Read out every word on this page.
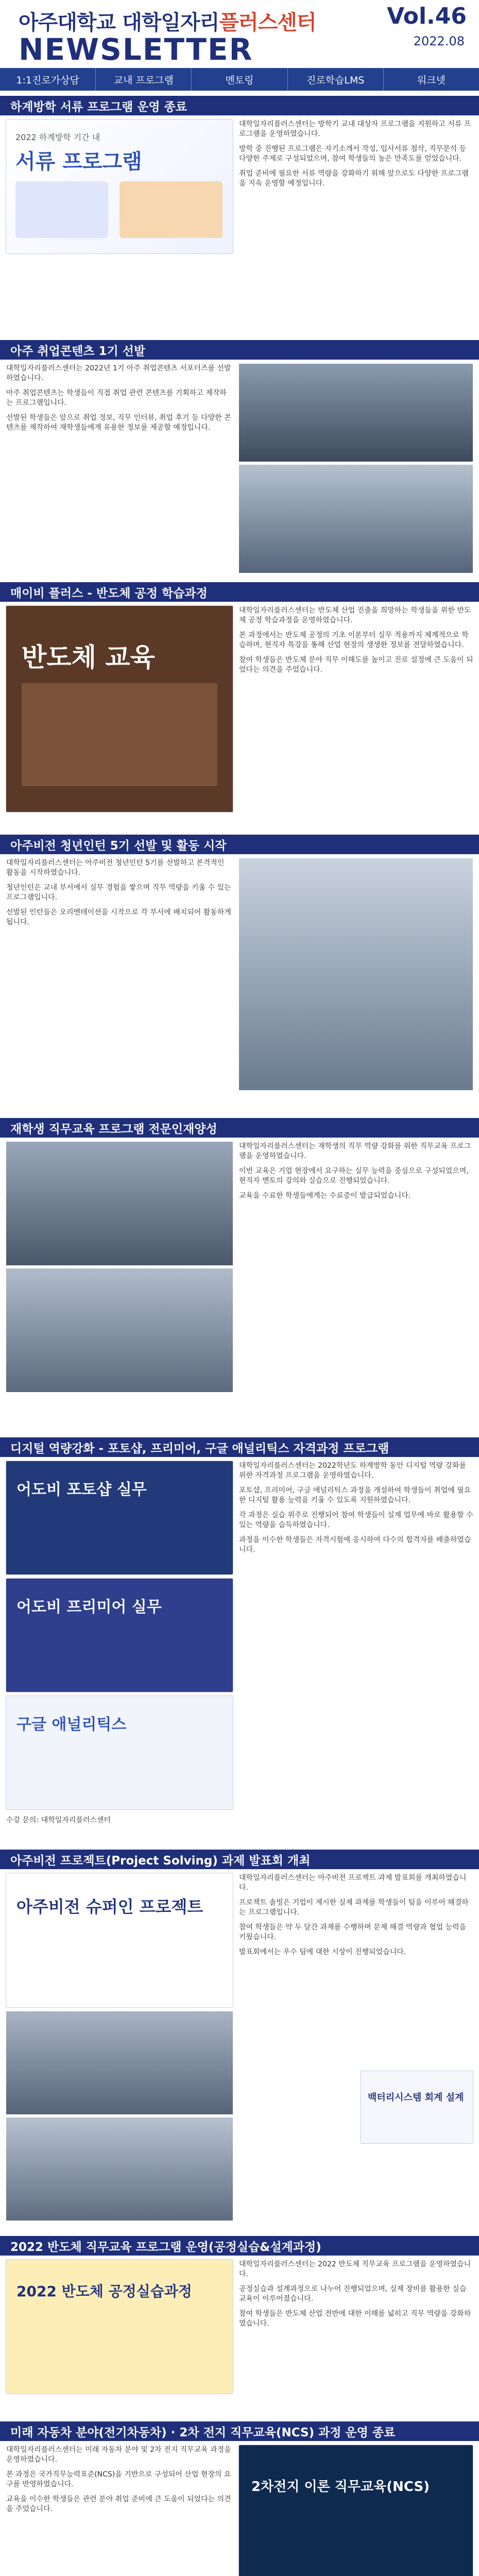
아주대학교 대학일자리플러스센터
NEWSLETTER
Vol.46
2022.08
1:1진로가상담	교내 프로그램	멘토링	진로학습LMS	워크넷
하계방학 서류 프로그램 운영 종료
2022 하계방학 기간 내
서류 프로그램

대학일자리플러스센터는 방학기 교내 대상자 프로그램을 지원하고 서류 프로그램을 운영하였습니다.

방학 중 진행된 프로그램은 자기소개서 작성, 입사서류 첨삭, 직무분석 등 다양한 주제로 구성되었으며, 참여 학생들의 높은 만족도를 얻었습니다.

취업 준비에 필요한 서류 역량을 강화하기 위해 앞으로도 다양한 프로그램을 지속 운영할 예정입니다.

아주 취업콘텐츠 1기 선발

대학일자리플러스센터는 2022년 1기 아주 취업콘텐츠 서포터즈를 선발하였습니다.

아주 취업콘텐츠는 학생들이 직접 취업 관련 콘텐츠를 기획하고 제작하는 프로그램입니다.

선발된 학생들은 앞으로 취업 정보, 직무 인터뷰, 취업 후기 등 다양한 콘텐츠를 제작하여 재학생들에게 유용한 정보를 제공할 예정입니다.

매이비 플러스 - 반도체 공정 학습과정
반도체 교육

대학일자리플러스센터는 반도체 산업 진출을 희망하는 학생들을 위한 반도체 공정 학습과정을 운영하였습니다.

본 과정에서는 반도체 공정의 기초 이론부터 실무 적용까지 체계적으로 학습하며, 현직자 특강을 통해 산업 현장의 생생한 정보를 전달하였습니다.

참여 학생들은 반도체 분야 직무 이해도를 높이고 진로 설정에 큰 도움이 되었다는 의견을 주었습니다.

아주비전 청년인턴 5기 선발 및 활동 시작

대학일자리플러스센터는 아주비전 청년인턴 5기를 선발하고 본격적인 활동을 시작하였습니다.

청년인턴은 교내 부서에서 실무 경험을 쌓으며 직무 역량을 키울 수 있는 프로그램입니다.

선발된 인턴들은 오리엔테이션을 시작으로 각 부서에 배치되어 활동하게 됩니다.

재학생 직무교육 프로그램 전문인재양성

대학일자리플러스센터는 재학생의 직무 역량 강화를 위한 직무교육 프로그램을 운영하였습니다.

이번 교육은 기업 현장에서 요구하는 실무 능력을 중심으로 구성되었으며, 현직자 멘토의 강의와 실습으로 진행되었습니다.

교육을 수료한 학생들에게는 수료증이 발급되었습니다.

디지털 역량강화 - 포토샵, 프리미어, 구글 애널리틱스 자격과정 프로그램
어도비 포토샵 실무
어도비 프리미어 실무
구글 애널리틱스

대학일자리플러스센터는 2022학년도 하계방학 동안 디지털 역량 강화를 위한 자격과정 프로그램을 운영하였습니다.

포토샵, 프리미어, 구글 애널리틱스 과정을 개설하여 학생들이 취업에 필요한 디지털 활용 능력을 키울 수 있도록 지원하였습니다.

각 과정은 실습 위주로 진행되어 참여 학생들이 실제 업무에 바로 활용할 수 있는 역량을 습득하였습니다.

과정을 이수한 학생들은 자격시험에 응시하여 다수의 합격자를 배출하였습니다.

수강 문의: 대학일자리플러스센터
아주비전 프로젝트(Project Solving) 과제 발표회 개최
아주비전 슈퍼인 프로젝트

대학일자리플러스센터는 아주비전 프로젝트 과제 발표회를 개최하였습니다.

프로젝트 솔빙은 기업이 제시한 실제 과제를 학생들이 팀을 이루어 해결하는 프로그램입니다.

참여 학생들은 약 두 달간 과제를 수행하며 문제 해결 역량과 협업 능력을 키웠습니다.

발표회에서는 우수 팀에 대한 시상이 진행되었습니다.

백터리시스템 회계 설계
2022 반도체 직무교육 프로그램 운영(공정실습&설계과정)
2022 반도체 공정실습과정

대학일자리플러스센터는 2022 반도체 직무교육 프로그램을 운영하였습니다.

공정실습과 설계과정으로 나누어 진행되었으며, 실제 장비를 활용한 실습 교육이 이루어졌습니다.

참여 학생들은 반도체 산업 전반에 대한 이해를 넓히고 직무 역량을 강화하였습니다.

미래 자동차 분야(전기차동차) · 2차 전지 직무교육(NCS) 과정 운영 종료

대학일자리플러스센터는 미래 자동차 분야 및 2차 전지 직무교육 과정을 운영하였습니다.

본 과정은 국가직무능력표준(NCS)을 기반으로 구성되어 산업 현장의 요구를 반영하였습니다.

교육을 이수한 학생들은 관련 분야 취업 준비에 큰 도움이 되었다는 의견을 주었습니다.

2차전지 이론 직무교육(NCS)
